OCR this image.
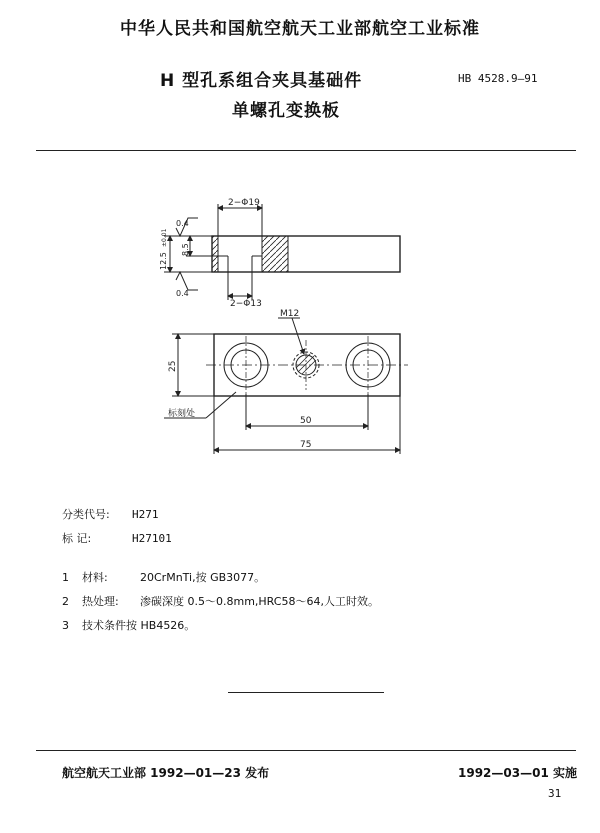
中华人民共和国航空航天工业部航空工业标准
H 型孔系组合夹具基础件
单螺孔变换板
HB 4528.9—91
2−Φ19
2−Φ13
0.4
0.4
12.5
±0.01
8.5
M12
25
标刻处
50
75
分类代号: H271
标 记:	H27101
1 材料:	20CrMnTi,按 GB3077。
2 热处理: 渗碳深度 0.5～0.8mm,HRC58～64,人工时效。
3 技术条件按 HB4526。
航空航天工业部 1992—01—23 发布	1992—03—01 实施
31
